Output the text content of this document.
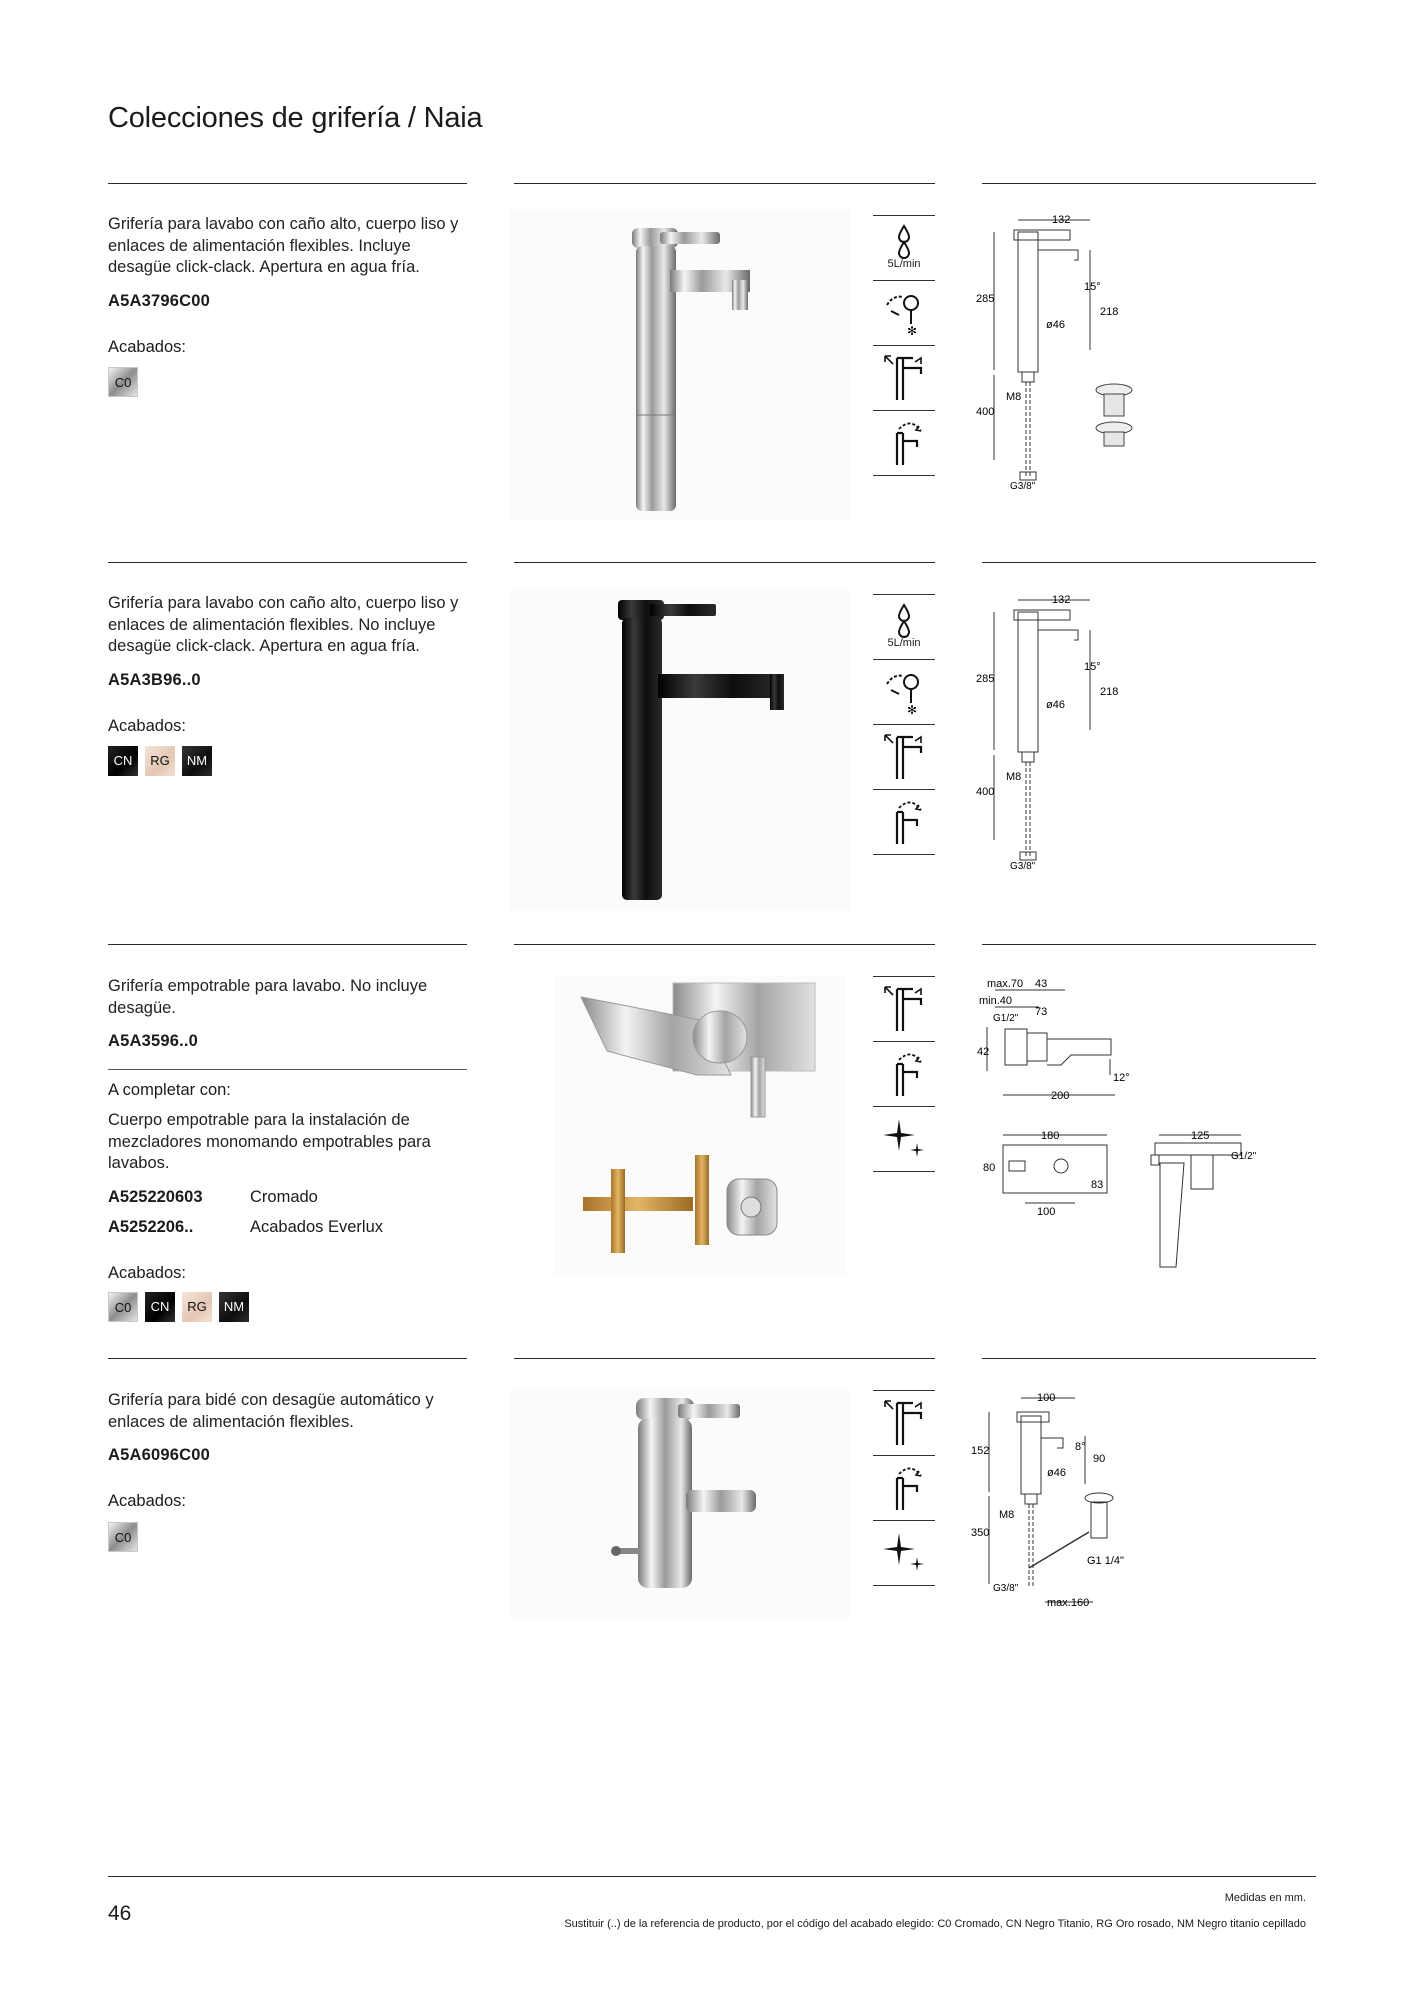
Colecciones de grifería / Naia
Grifería para lavabo con caño alto, cuerpo liso y enlaces de alimentación flexibles. Incluye desagüe click-clack. Apertura en agua fría.
A5A3796C00
Acabados:
C0
5L/min
✻
132
15°
285
218
ø46
M8
400
G3/8"
Grifería para lavabo con caño alto, cuerpo liso y enlaces de alimentación flexibles. No incluye desagüe click-clack. Apertura en agua fría.
A5A3B96..0
Acabados:
CN	RG	NM
5L/min
✻
132
15°
285
218
ø46
M8
400
G3/8"
Grifería empotrable para lavabo. No incluye desagüe.
A5A3596..0
A completar con:
Cuerpo empotrable para la instalación de mezcladores monomando empotrables para lavabos.
A525220603	Cromado
A5252206..	Acabados Everlux
Acabados:
C0	CN	RG	NM
max.70 43
min.40
G1/2"
73
42
200
12°
180
80
83
100
125
G1/2"
Grifería para bidé con desagüe automático y enlaces de alimentación flexibles.
A5A6096C00
Acabados:
C0
100
152	8°
90
ø46
M8
350
G1 1/4"
G3/8"
max.160
46
Medidas en mm.
Sustituir (..) de la referencia de producto, por el código del acabado elegido: C0 Cromado, CN Negro Titanio, RG Oro rosado, NM Negro titanio cepillado
